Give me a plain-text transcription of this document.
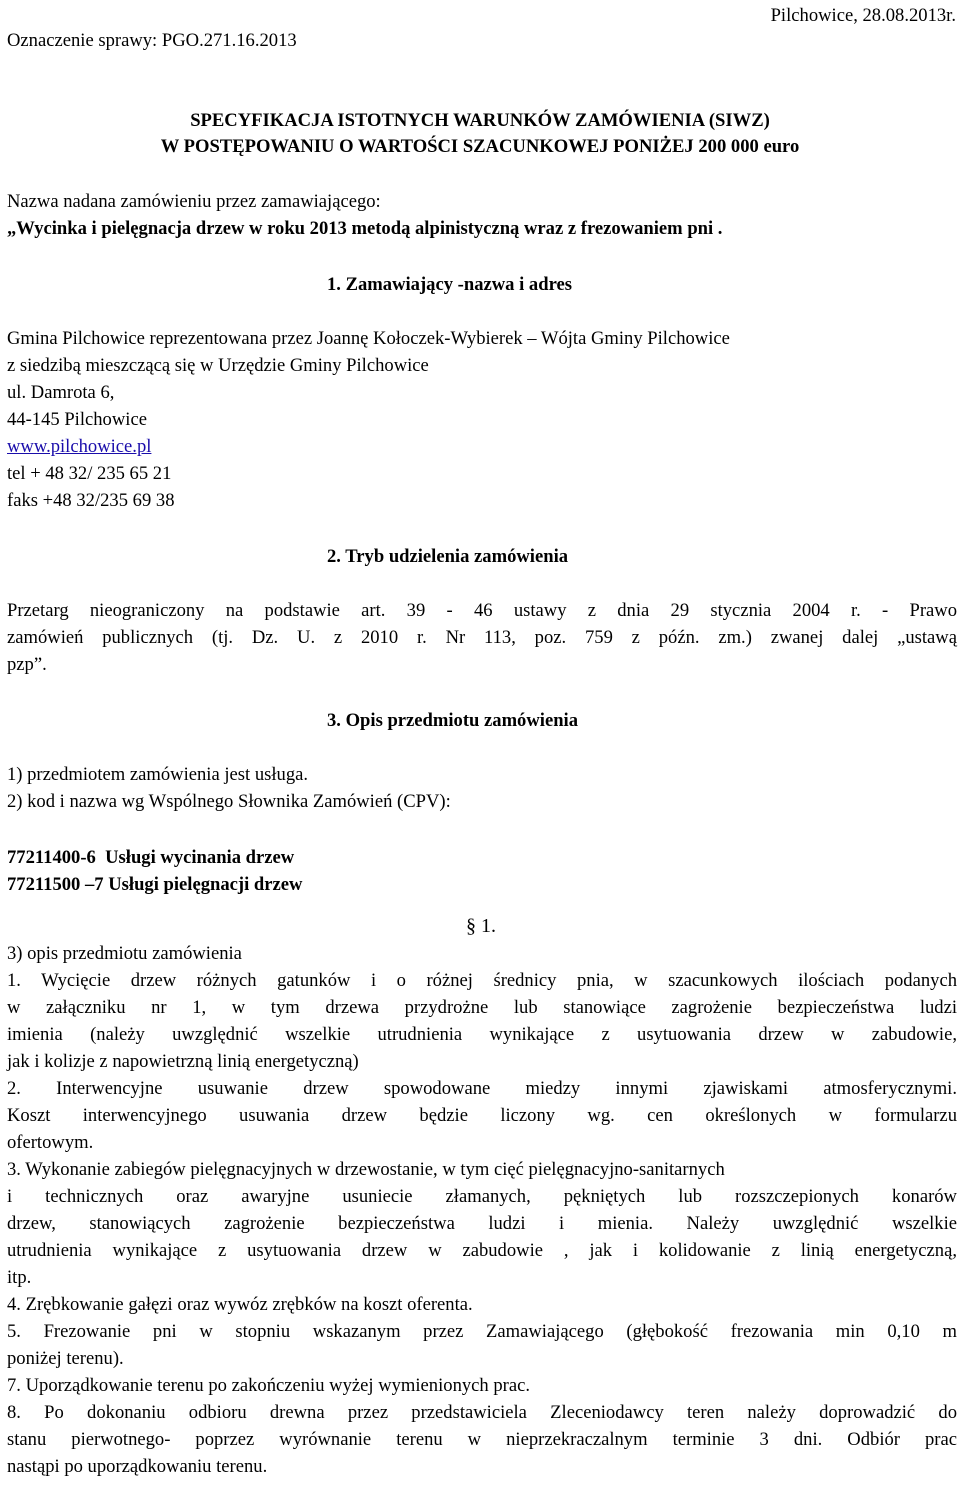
Oznaczenie sprawy: PGO.271.16.2013
Pilchowice, 28.08.2013r.
SPECYFIKACJA ISTOTNYCH WARUNKÓW ZAMÓWIENIA (SIWZ)
W POSTĘPOWANIU O WARTOŚCI SZACUNKOWEJ PONIŻEJ 200 000 euro
Nazwa nadana zamówieniu przez zamawiającego:
„Wycinka i pielęgnacja drzew w roku 2013 metodą alpinistyczną wraz z frezowaniem pni .
1. Zamawiający -nazwa i adres
Gmina Pilchowice reprezentowana przez Joannę Kołoczek-Wybierek – Wójta Gminy Pilchowice
z siedzibą mieszczącą się w Urzędzie Gminy Pilchowice
ul. Damrota 6,
44-145 Pilchowice
www.pilchowice.pl
tel + 48 32/ 235 65 21
faks +48 32/235 69 38
2. Tryb udzielenia zamówienia
Przetarg nieograniczony na podstawie art. 39 - 46 ustawy z dnia 29 stycznia 2004 r. - Prawo
zamówień publicznych (tj. Dz. U. z 2010 r. Nr 113, poz. 759 z późn. zm.) zwanej dalej „ustawą
pzp”.
3. Opis przedmiotu zamówienia
1) przedmiotem zamówienia jest usługa.
2) kod i nazwa wg Wspólnego Słownika Zamówień (CPV):
77211400-6  Usługi wycinania drzew
77211500 –7 Usługi pielęgnacji drzew
§ 1.
3) opis przedmiotu zamówienia
1. Wycięcie drzew różnych gatunków i o różnej średnicy pnia, w szacunkowych ilościach podanych
w załączniku nr 1, w tym drzewa przydrożne lub stanowiące zagrożenie bezpieczeństwa ludzi
imienia (należy uwzględnić wszelkie utrudnienia wynikające z usytuowania drzew w zabudowie,
jak i kolizje z napowietrzną linią energetyczną)
2. Interwencyjne usuwanie drzew spowodowane miedzy innymi zjawiskami atmosferycznymi.
Koszt interwencyjnego usuwania drzew będzie liczony wg. cen określonych w formularzu
ofertowym.
3. Wykonanie zabiegów pielęgnacyjnych w drzewostanie, w tym cięć pielęgnacyjno-sanitarnych
i technicznych oraz awaryjne usuniecie złamanych, pękniętych lub rozszczepionych konarów
drzew, stanowiących zagrożenie bezpieczeństwa ludzi i mienia. Należy uwzględnić wszelkie
utrudnienia wynikające z usytuowania drzew w zabudowie , jak i kolidowanie z linią energetyczną,
itp.
4. Zrębkowanie gałęzi oraz wywóz zrębków na koszt oferenta.
5. Frezowanie pni w stopniu wskazanym przez Zamawiającego (głębokość frezowania min 0,10 m
poniżej terenu).
7. Uporządkowanie terenu po zakończeniu wyżej wymienionych prac.
8. Po dokonaniu odbioru drewna przez przedstawiciela Zleceniodawcy teren należy doprowadzić do
stanu pierwotnego- poprzez wyrównanie terenu w nieprzekraczalnym terminie 3 dni. Odbiór prac
nastąpi po uporządkowaniu terenu.
